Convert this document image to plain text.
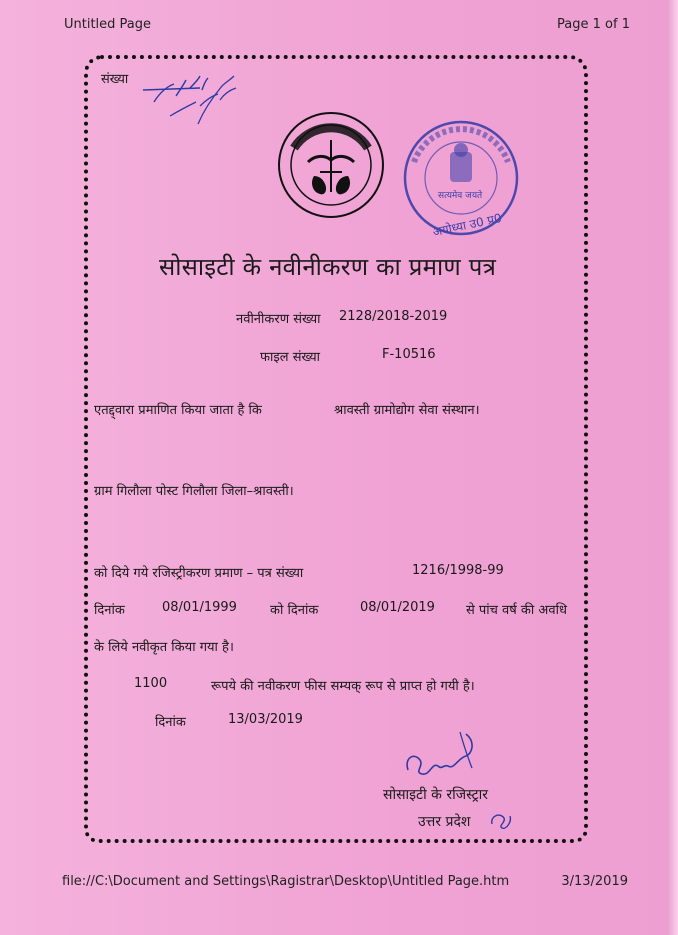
Untitled Page	Page 1 of 1
संख्या
सत्यमेव जयते
अयोध्या उ0 प्र0
सोसाइटी के नवीनीकरण का प्रमाण पत्र
नवीनीकरण संख्या 2128/2018-2019
फाइल संख्या	F-10516
एतद्द्वारा प्रमाणित किया जाता है कि	श्रावस्ती ग्रामोद्योग सेवा संस्थान।
ग्राम गिलौला पोस्ट गिलौला जिला–श्रावस्ती।
को दिये गये रजिस्ट्रीकरण प्रमाण – पत्र संख्या	1216/1998-99
दिनांक	08/01/1999	को दिनांक	08/01/2019 से पांच वर्ष की अवधि
के लिये नवीकृत किया गया है।
1100	रूपये की नवीकरण फीस सम्यक् रूप से प्राप्त हो गयी है।
दिनांक	13/03/2019
सोसाइटी के रजिस्ट्रार
उत्तर प्रदेश
file://C:\Document and Settings\Ragistrar\Desktop\Untitled Page.htm	3/13/2019
